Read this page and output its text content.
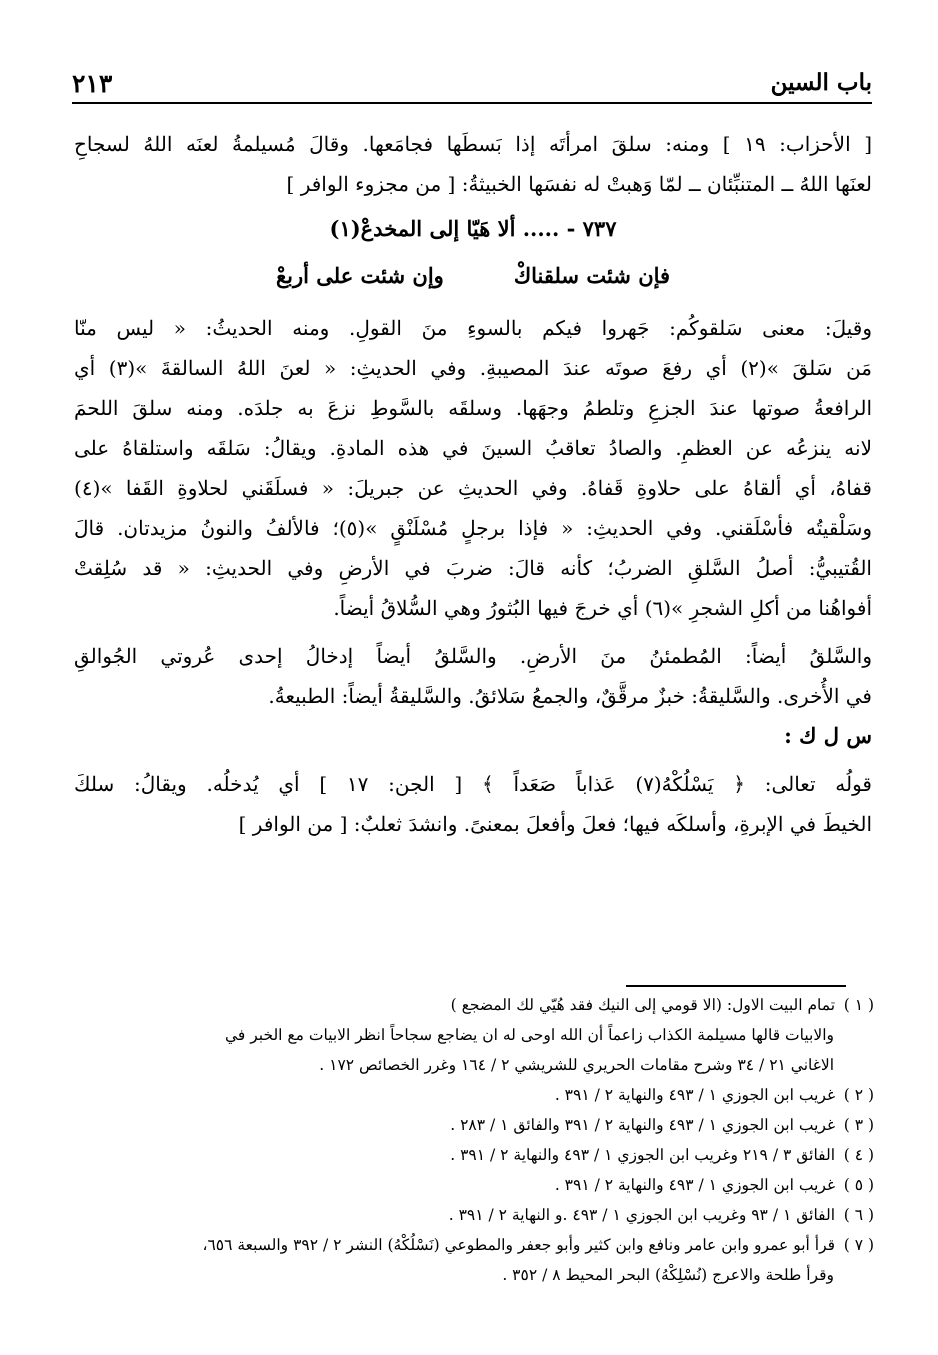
باب السين
٢١٣
[ الأحزاب: ١٩ ] ومنه: سلقَ امرأتَه إذا بَسطَها فجامَعها. وقالَ مُسيلمةُ لعنَه اللهُ لسجاحِ
لعنَها اللهُ ــ المتنبِّئان ــ لمّا وَهبتْ له نفسَها الخبيثةُ: [ من مجزوء الوافر ]
٧٣٧ - ..... ألا هَيّا إلى المخدعْ(١)
فإن شئت سلقناكْ
وإن شئت على أربعْ
وقيلَ: معنى سَلقوكُم: جَهروا فيكم بالسوءِ منَ القولِ. ومنه الحديثُ: « ليس منّا
مَن سَلقَ »(٢) أي رفعَ صوتَه عندَ المصيبةِ. وفي الحديثِ: « لعنَ اللهُ السالقةَ »(٣) أي
الرافعةُ صوتها عندَ الجزعِ وتلطمُ وجهَها. وسلقَه بالسَّوطِ نزعَ به جلدَه. ومنه سلقَ اللحمَ
لانه ينزعُه عن العظمِ. والصادُ تعاقبُ السينَ في هذه المادةِ. ويقالُ: سَلقَه واستلقاهُ على
قفاهُ، أي ألقاهُ على حلاوةِ قَفاهُ. وفي الحديثِ عن جبريلَ: « فسلَقَني لحلاوةِ القَفا »(٤)
وسَلْقيتُه فأسْلَقني. وفي الحديثِ: « فإذا برجلٍ مُسْلَنْقٍ »(٥)؛ فالألفُ والنونُ مزيدتان. قالَ
القُتيبيُّ: أصلُ السَّلقِ الضربُ؛ كأنه قالَ: ضربَ في الأرضِ وفي الحديثِ: « قد سُلِقتْ
أفواهُنا من أكلِ الشجرِ »(٦) أي خرجَ فيها البُثورُ وهي السُّلاقُ أيضاً.
والسَّلقُ أيضاً: المُطمئنُ منَ الأرضِ. والسَّلقُ أيضاً إدخالُ إحدى عُروتي الجُوالقِ
في الأُخرى. والسَّليقةُ: خبزٌ مرقَّقٌ، والجمعُ سَلائقُ. والسَّليقةُ أيضاً: الطبيعةُ.
س ل ك :
قولُه تعالى: ﴿ يَسْلُكْهُ(٧) عَذاباً صَعَداً ﴾ [ الجن: ١٧ ] أي يُدخلُه. ويقالُ: سلكَ
الخيطَ في الإبرةِ، وأسلكَه فيها؛ فعلَ وأفعلَ بمعنىً. وانشدَ ثعلبٌ: [ من الوافر ]
( ١ ) تمام البيت الاول: (الا قومي إلى النيك فقد هُيّي لك المضجع )
والابيات قالها مسيلمة الكذاب زاعماً أن الله اوحى له ان يضاجع سجاحاً انظر الابيات مع الخبر في
الاغاني ٢١ / ٣٤ وشرح مقامات الحريري للشريشي ٢ / ١٦٤ وغرر الخصائص ١٧٢ .
( ٢ ) غريب ابن الجوزي ١ / ٤٩٣ والنهاية ٢ / ٣٩١ .
( ٣ ) غريب ابن الجوزي ١ / ٤٩٣ والنهاية ٢ / ٣٩١ والفائق ١ / ٢٨٣ .
( ٤ ) الفائق ٣ / ٢١٩ وغريب ابن الجوزي ١ / ٤٩٣ والنهاية ٢ / ٣٩١ .
( ٥ ) غريب ابن الجوزي ١ / ٤٩٣ والنهاية ٢ / ٣٩١ .
( ٦ ) الفائق ١ / ٩٣ وغريب ابن الجوزي ١ / ٤٩٣ .و النهاية ٢ / ٣٩١ .
( ٧ ) قرأ أبو عمرو وابن عامر ونافع وابن كثير وأبو جعفر والمطوعي (نَسْلُكْهُ) النشر ٢ / ٣٩٢ والسبعة ٦٥٦،
وقرأ طلحة والاعرج (نُسْلِكْهُ) البحر المحيط ٨ / ٣٥٢ .
